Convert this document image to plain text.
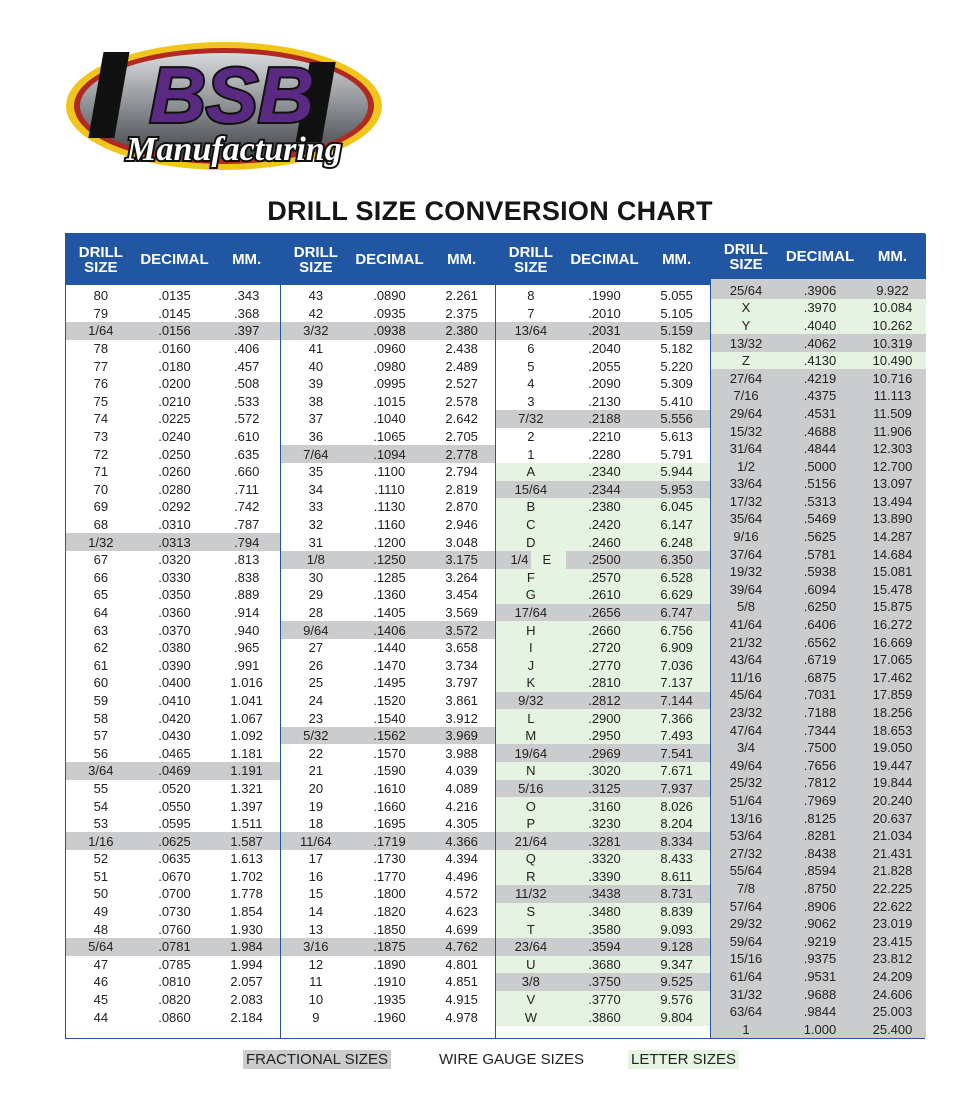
BSB
Manufacturing
DRILL SIZE CONVERSION CHART
DRILL
SIZE	DECIMAL	MM.
80	.0135	.343
79	.0145	.368
1/64	.0156	.397
78	.0160	.406
77	.0180	.457
76	.0200	.508
75	.0210	.533
74	.0225	.572
73	.0240	.610
72	.0250	.635
71	.0260	.660
70	.0280	.711
69	.0292	.742
68	.0310	.787
1/32	.0313	.794
67	.0320	.813
66	.0330	.838
65	.0350	.889
64	.0360	.914
63	.0370	.940
62	.0380	.965
61	.0390	.991
60	.0400	1.016
59	.0410	1.041
58	.0420	1.067
57	.0430	1.092
56	.0465	1.181
3/64	.0469	1.191
55	.0520	1.321
54	.0550	1.397
53	.0595	1.511
1/16	.0625	1.587
52	.0635	1.613
51	.0670	1.702
50	.0700	1.778
49	.0730	1.854
48	.0760	1.930
5/64	.0781	1.984
47	.0785	1.994
46	.0810	2.057
45	.0820	2.083
44	.0860	2.184
DRILL
SIZE	DECIMAL	MM.
43	.0890	2.261
42	.0935	2.375
3/32	.0938	2.380
41	.0960	2.438
40	.0980	2.489
39	.0995	2.527
38	.1015	2.578
37	.1040	2.642
36	.1065	2.705
7/64	.1094	2.778
35	.1100	2.794
34	.1110	2.819
33	.1130	2.870
32	.1160	2.946
31	.1200	3.048
1/8	.1250	3.175
30	.1285	3.264
29	.1360	3.454
28	.1405	3.569
9/64	.1406	3.572
27	.1440	3.658
26	.1470	3.734
25	.1495	3.797
24	.1520	3.861
23	.1540	3.912
5/32	.1562	3.969
22	.1570	3.988
21	.1590	4.039
20	.1610	4.089
19	.1660	4.216
18	.1695	4.305
11/64	.1719	4.366
17	.1730	4.394
16	.1770	4.496
15	.1800	4.572
14	.1820	4.623
13	.1850	4.699
3/16	.1875	4.762
12	.1890	4.801
11	.1910	4.851
10	.1935	4.915
9	.1960	4.978
DRILL
SIZE	DECIMAL	MM.
8	.1990	5.055
7	.2010	5.105
13/64	.2031	5.159
6	.2040	5.182
5	.2055	5.220
4	.2090	5.309
3	.2130	5.410
7/32	.2188	5.556
2	.2210	5.613
1	.2280	5.791
A	.2340	5.944
15/64	.2344	5.953
B	.2380	6.045
C	.2420	6.147
D	.2460	6.248
1/4 E	.2500	6.350
F	.2570	6.528
G	.2610	6.629
17/64	.2656	6.747
H	.2660	6.756
I	.2720	6.909
J	.2770	7.036
K	.2810	7.137
9/32	.2812	7.144
L	.2900	7.366
M	.2950	7.493
19/64	.2969	7.541
N	.3020	7.671
5/16	.3125	7.937
O	.3160	8.026
P	.3230	8.204
21/64	.3281	8.334
Q	.3320	8.433
R	.3390	8.611
11/32	.3438	8.731
S	.3480	8.839
T	.3580	9.093
23/64	.3594	9.128
U	.3680	9.347
3/8	.3750	9.525
V	.3770	9.576
W	.3860	9.804
DRILL
SIZE	DECIMAL	MM.
25/64	.3906	9.922
X	.3970	10.084
Y	.4040	10.262
13/32	.4062	10.319
Z	.4130	10.490
27/64	.4219	10.716
7/16	.4375	11.113
29/64	.4531	11.509
15/32	.4688	11.906
31/64	.4844	12.303
1/2	.5000	12.700
33/64	.5156	13.097
17/32	.5313	13.494
35/64	.5469	13.890
9/16	.5625	14.287
37/64	.5781	14.684
19/32	.5938	15.081
39/64	.6094	15.478
5/8	.6250	15.875
41/64	.6406	16.272
21/32	.6562	16.669
43/64	.6719	17.065
11/16	.6875	17.462
45/64	.7031	17.859
23/32	.7188	18.256
47/64	.7344	18.653
3/4	.7500	19.050
49/64	.7656	19.447
25/32	.7812	19.844
51/64	.7969	20.240
13/16	.8125	20.637
53/64	.8281	21.034
27/32	.8438	21.431
55/64	.8594	21.828
7/8	.8750	22.225
57/64	.8906	22.622
29/32	.9062	23.019
59/64	.9219	23.415
15/16	.9375	23.812
61/64	.9531	24.209
31/32	.9688	24.606
63/64	.9844	25.003
1	1.000	25.400
FRACTIONAL SIZES	WIRE GAUGE SIZES	LETTER SIZES
